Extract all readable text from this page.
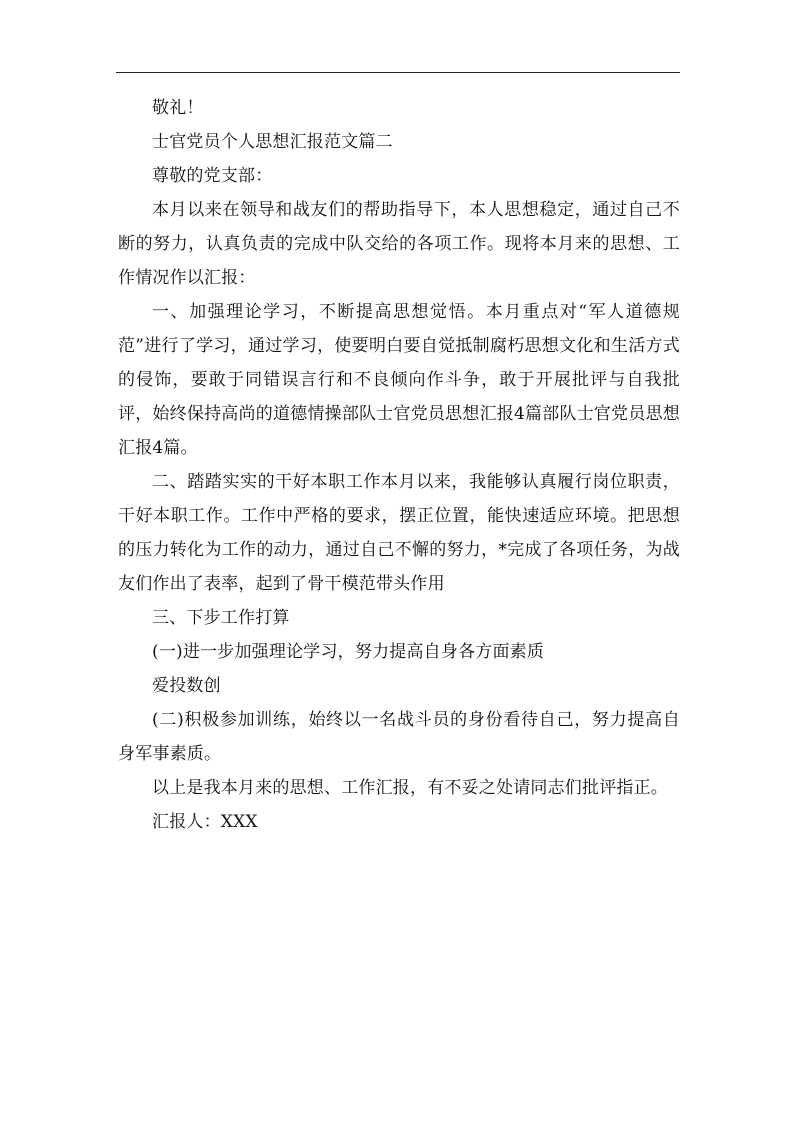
敬礼！

士官党员个人思想汇报范文篇二

尊敬的党支部：

本月以来在领导和战友们的帮助指导下，本人思想稳定，通过自己不断的努力，认真负责的完成中队交给的各项工作。现将本月来的思想、工作情况作以汇报：

一、加强理论学习，不断提高思想觉悟。本月重点对“军人道德规范”进行了学习，通过学习，使要明白要自觉抵制腐朽思想文化和生活方式的侵饰，要敢于同错误言行和不良倾向作斗争，敢于开展批评与自我批评，始终保持高尚的道德情操部队士官党员思想汇报4篇部队士官党员思想汇报4篇。

二、踏踏实实的干好本职工作本月以来，我能够认真履行岗位职责，干好本职工作。工作中严格的要求，摆正位置，能快速适应环境。把思想的压力转化为工作的动力，通过自己不懈的努力，*完成了各项任务，为战友们作出了表率，起到了骨干模范带头作用

三、下步工作打算

(一)进一步加强理论学习，努力提高自身各方面素质

爱投数创

(二)积极参加训练，始终以一名战斗员的身份看待自己，努力提高自身军事素质。

以上是我本月来的思想、工作汇报，有不妥之处请同志们批评指正。

汇报人：XXX
